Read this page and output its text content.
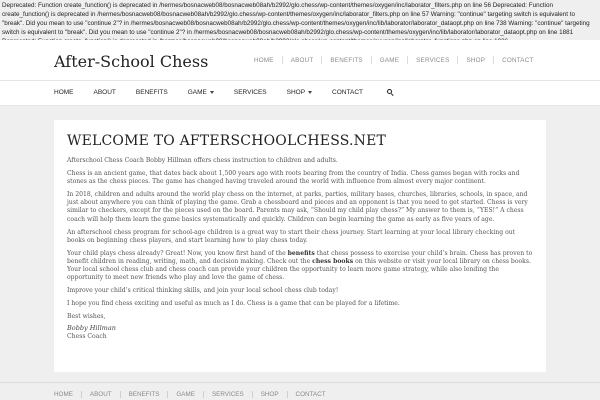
Deprecated: Function create_function() is deprecated in /hermes/bosnacweb08/bosnacweb08ah/b2992/glo.chess/wp-content/themes/oxygen/inc/laborator_filters.php on line 56 Deprecated: Function create_function() is deprecated in /hermes/bosnacweb08/bosnacweb08ah/b2992/glo.chess/wp-content/themes/oxygen/inc/laborator_filters.php on line 57 Warning: "continue" targeting switch is equivalent to "break". Did you mean to use "continue 2"? in /hermes/bosnacweb08/bosnacweb08ah/b2992/glo.chess/wp-content/themes/oxygen/inc/lib/laborator/laborator_dataopt.php on line 738 Warning: "continue" targeting switch is equivalent to "break". Did you mean to use "continue 2"? in /hermes/bosnacweb08/bosnacweb08ah/b2992/glo.chess/wp-content/themes/oxygen/inc/lib/laborator/laborator_dataopt.php on line 1881
After-School Chess	HOME	ABOUT	BENEFITS	GAME	SERVICES	SHOP	CONTACT
HOME	ABOUT	BENEFITS	GAME	SERVICES	SHOP	CONTACT
WELCOME TO AFTERSCHOOLCHESS.NET

Afterschool Chess Coach Bobby Hillman offers chess instruction to children and adults.

Chess is an ancient game, that dates back about 1,500 years ago with roots bearing from the country of India. Chess games began with rocks and stones as the chess pieces. The game has changed having traveled around the world with influence from almost every major continent.

In 2018, children and adults around the world play chess on the internet, at parks, parties, military bases, churches, libraries, schools, in space, and just about anywhere you can think of playing the game. Grab a chessboard and pieces and an opponent is that you need to get started. Chess is very similar to checkers, except for the pieces used on the board. Parents may ask, “Should my child play chess?” My answer to them is, “YES!” A chess coach will help them learn the game basics systematically and quickly. Children can begin learning the game as early as five years of age.

An afterschool chess program for school-age children is a great way to start their chess journey. Start learning at your local library checking out books on beginning chess players, and start learning how to play chess today.

Your child plays chess already? Great! Now, you know first hand of the benefits that chess possess to exercise your child’s brain. Chess has proven to benefit children in reading, writing, math, and decision making. Check out the chess books on this website or visit your local library on chess books. Your local school chess club and chess coach can provide your children the opportunity to learn more game strategy, while also lending the opportunity to meet new friends who play and love the game of chess.

Improve your child’s critical thinking skills, and join your local school chess club today!

I hope you find chess exciting and useful as much as I do. Chess is a game that can be played for a lifetime.

Best wishes,
Bobby Hillman
Chess Coach
HOME	ABOUT	BENEFITS	GAME	SERVICES	SHOP	CONTACT
